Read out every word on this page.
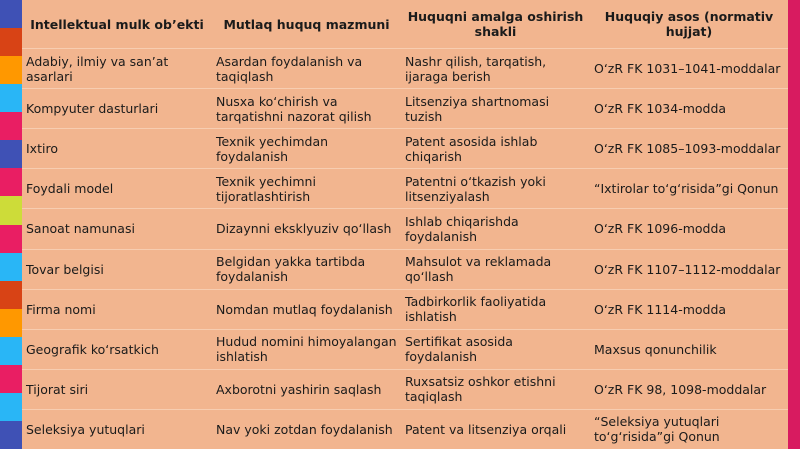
Intellektual mulk ob’ekti	Mutlaq huquq mazmuni	Huquqni amalga oshirish shakli	Huquqiy asos (normativ hujjat)
Adabiy, ilmiy va san’at asarlari	Asardan foydalanish va taqiqlash	Nashr qilish, tarqatish, ijaraga berish	O‘zR FK 1031–1041-moddalar
Kompyuter dasturlari	Nusxa ko‘chirish va tarqatishni nazorat qilish	Litsenziya shartnomasi tuzish	O‘zR FK 1034-modda
Ixtiro	Texnik yechimdan foydalanish	Patent asosida ishlab chiqarish	O‘zR FK 1085–1093-moddalar
Foydali model	Texnik yechimni tijoratlashtirish	Patentni o‘tkazish yoki litsenziyalash	“Ixtirolar to‘g‘risida”gi Qonun
Sanoat namunasi	Dizaynni eksklyuziv qo‘llash	Ishlab chiqarishda foydalanish	O‘zR FK 1096-modda
Tovar belgisi	Belgidan yakka tartibda foydalanish	Mahsulot va reklamada qo‘llash	O‘zR FK 1107–1112-moddalar
Firma nomi	Nomdan mutlaq foydalanish	Tadbirkorlik faoliyatida ishlatish	O‘zR FK 1114-modda
Geografik ko‘rsatkich	Hudud nomini himoyalangan ishlatish	Sertifikat asosida foydalanish	Maxsus qonunchilik
Tijorat siri	Axborotni yashirin saqlash	Ruxsatsiz oshkor etishni taqiqlash	O‘zR FK 98, 1098-moddalar
Seleksiya yutuqlari	Nav yoki zotdan foydalanish	Patent va litsenziya orqali	“Seleksiya yutuqlari to‘g‘risida”gi Qonun
